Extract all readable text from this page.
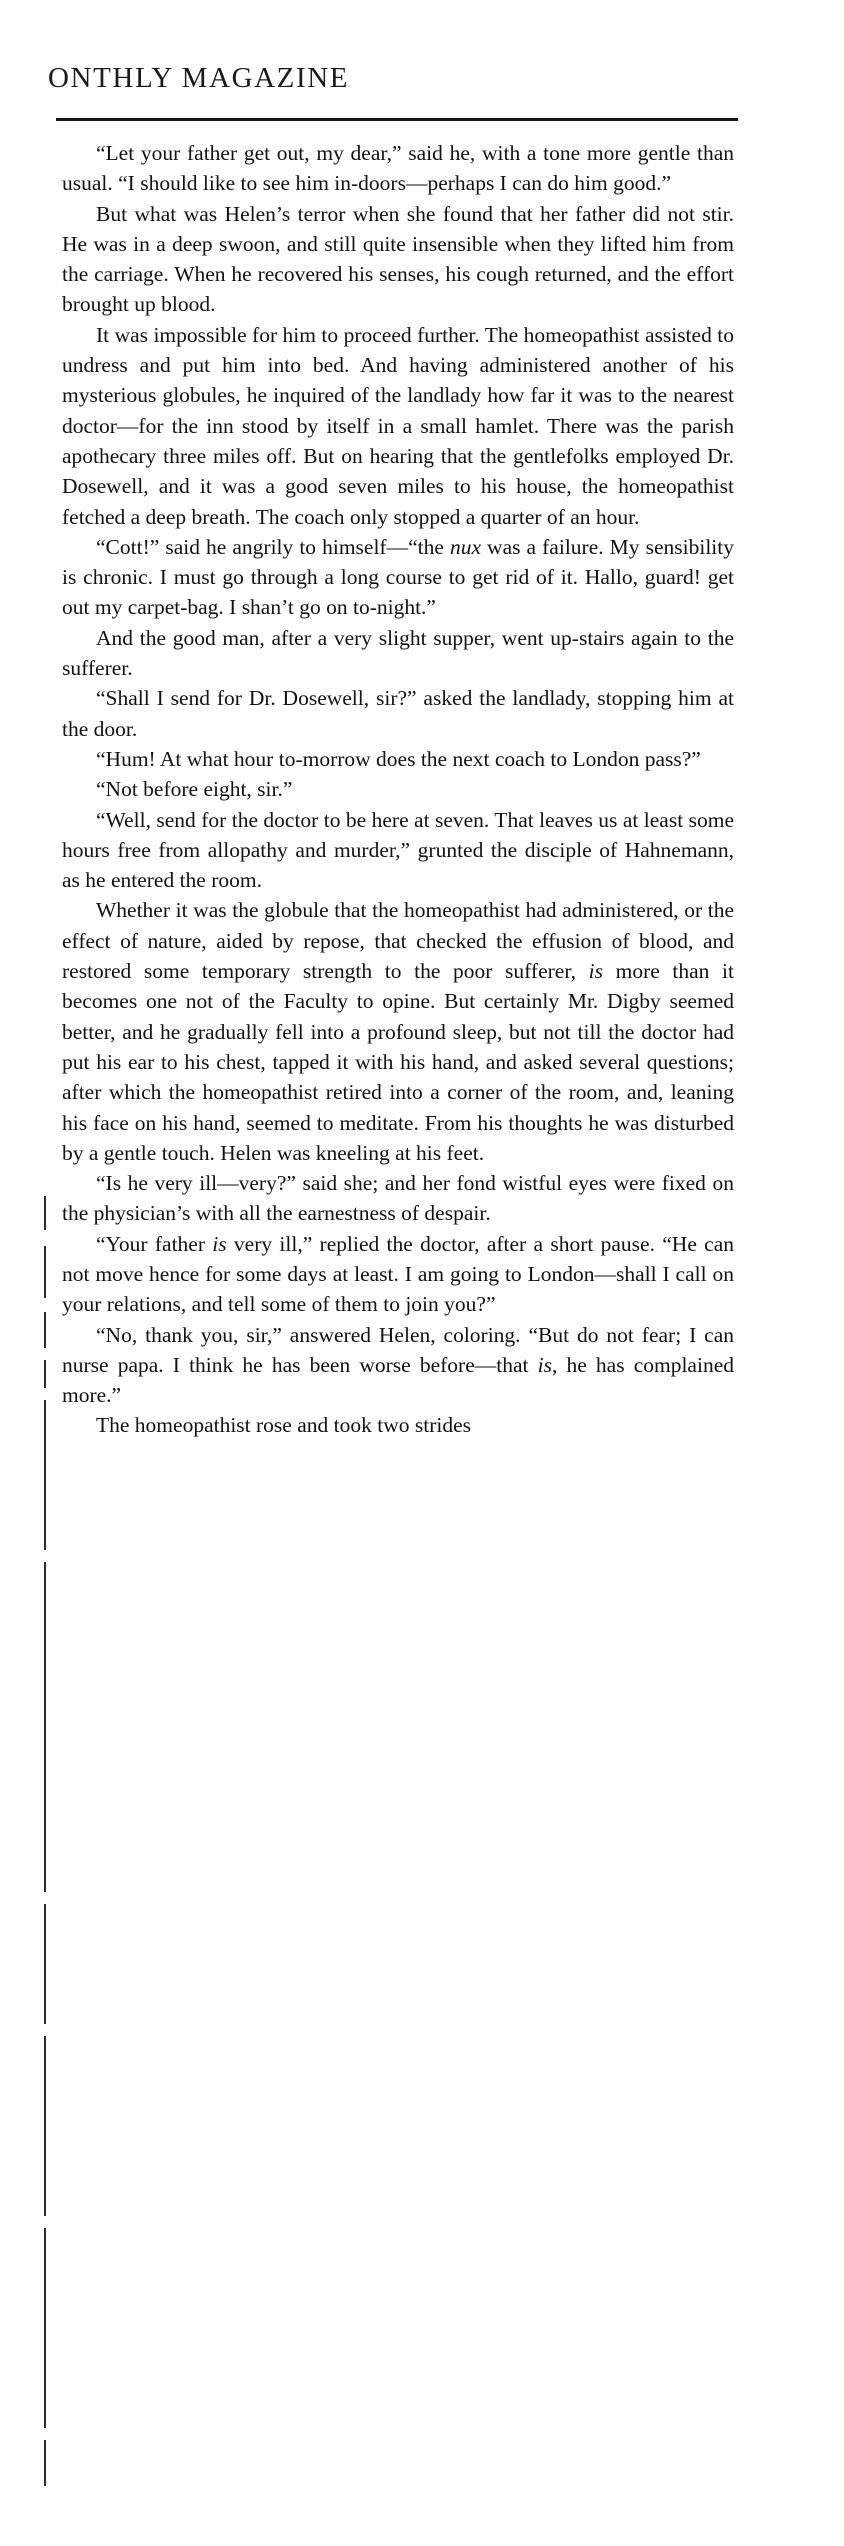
ONTHLY MAGAZINE

“Let your father get out, my dear,” said he, with a tone more gentle than usual. “I should like to see him in-doors—perhaps I can do him good.”

But what was Helen’s terror when she found that her father did not stir. He was in a deep swoon, and still quite insensible when they lifted him from the carriage. When he recovered his senses, his cough returned, and the effort brought up blood.

It was impossible for him to proceed further. The homeopathist assisted to undress and put him into bed. And having administered another of his mysterious globules, he inquired of the landlady how far it was to the nearest doctor—for the inn stood by itself in a small hamlet. There was the parish apothecary three miles off. But on hearing that the gentlefolks employed Dr. Dosewell, and it was a good seven miles to his house, the homeopathist fetched a deep breath. The coach only stopped a quarter of an hour.

“Cott!” said he angrily to himself—“the nux was a failure. My sensibility is chronic. I must go through a long course to get rid of it. Hallo, guard! get out my carpet-bag. I shan’t go on to-night.”

And the good man, after a very slight supper, went up-stairs again to the sufferer.

“Shall I send for Dr. Dosewell, sir?” asked the landlady, stopping him at the door.

“Hum! At what hour to-morrow does the next coach to London pass?”

“Not before eight, sir.”

“Well, send for the doctor to be here at seven. That leaves us at least some hours free from allopathy and murder,” grunted the disciple of Hahnemann, as he entered the room.

Whether it was the globule that the homeopathist had administered, or the effect of nature, aided by repose, that checked the effusion of blood, and restored some temporary strength to the poor sufferer, is more than it becomes one not of the Faculty to opine. But certainly Mr. Digby seemed better, and he gradually fell into a profound sleep, but not till the doctor had put his ear to his chest, tapped it with his hand, and asked several questions; after which the homeopathist retired into a corner of the room, and, leaning his face on his hand, seemed to meditate. From his thoughts he was disturbed by a gentle touch. Helen was kneeling at his feet.

“Is he very ill—very?” said she; and her fond wistful eyes were fixed on the physician’s with all the earnestness of despair.

“Your father is very ill,” replied the doctor, after a short pause. “He can not move hence for some days at least. I am going to London—shall I call on your relations, and tell some of them to join you?”

“No, thank you, sir,” answered Helen, coloring. “But do not fear; I can nurse papa. I think he has been worse before—that is, he has complained more.”

The homeopathist rose and took two strides
